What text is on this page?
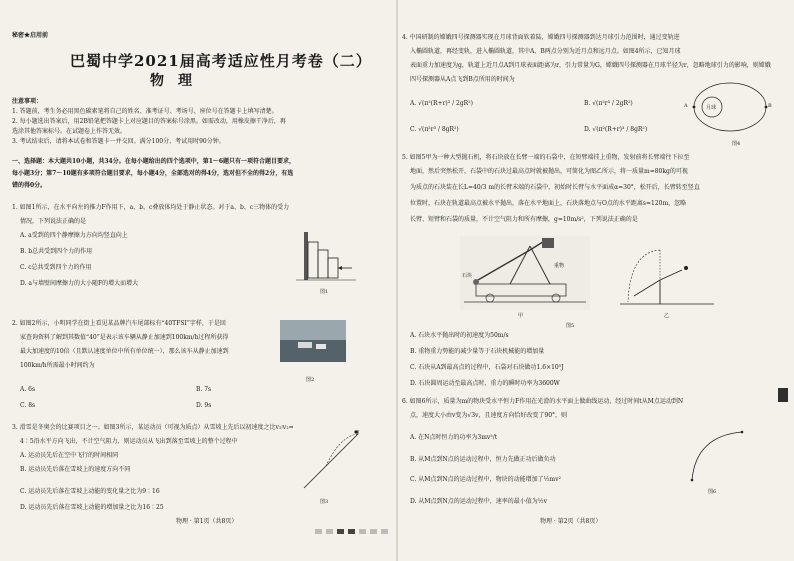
秘密★启用前
巴蜀中学2021届高考适应性月考卷（二）
物理
注意事项：
1. 答题前，考生务必用黑色碳素笔将自己的姓名、准考证号、考场号、座位号在答题卡上填写清楚。
2. 每小题选出答案后，用2B铅笔把答题卡上对应题目的答案标号涂黑。如需改动，用橡皮擦干净后，再
选涂其他答案标号。在试题卷上作答无效。
3. 考试结束后，请将本试卷和答题卡一并交回。满分100分，考试用时90分钟。
一、选择题：本大题共10小题，共34分。在每小题给出的四个选项中，第1～6题只有一项符合题目要求，
每小题3分；第7～10题有多项符合题目要求，每小题4分，全部选对的得4分，选对但不全的得2分，有选
错的得0分。
1. 如图1所示，在水平向左的推力F作用下，a、b、c叠放体均处于静止状态。对于a、b、c三物体的受力
情况，下列说法正确的是
A. a受到的四个静摩擦力方向均竖直向上
B. b总共受到四个力的作用
C. c总共受到四个力的作用
D. a与墙壁间摩擦力的大小随F的增大而增大
图1
2. 如图2所示，小明同学在街上看见某品牌汽车尾部标有“40TFSI”字样，于是回
家查询资料了解到其数值“40”是表示该车辆从静止加速到100km/h过程所获得
最大加速度的10倍（且默认速度单位中所有单位统一），那么该车从静止加速到
100km/h所需最小时间约为
A. 6s	B. 7s
C. 8s	D. 9s
图2
3. 滑雪是冬奥会的比赛项目之一。如图3所示，某运动员（可视为质点）从雪坡上先后以初速度之比v₁∶v₂=
4∶5沿水平方向飞出，不计空气阻力，则运动员从飞出到落至雪坡上的整个过程中
A. 运动员先后在空中飞行的时间相同
B. 运动员先后落在雪坡上的速度方向不同
C. 运动员先后落在雪坡上动能的变化量之比为9∶16
D. 运动员先后落在雪坡上动能的增加量之比为16∶25
图3
物理 · 第1页（共8页）
4. 中国研制的嫦娥四号探测器实现在月球背面软着陆，嫦娥四号探测器到达月球引力范围时，通过变轨进
入椭圆轨道，再经变轨，进入椭圆轨道，其中A、B两点分别为近月点和远月点。如图4所示，已知月球
表面重力加速度为g，轨道上近月点A到月球表面距离为r，引力常量为G，嫦娥四号探测器在月球半径为r，忽略地球引力的影响，则嫦娥
四号探测器从A点飞到B点所用的时间为
A. √(π²(R+r)³ / 2gR²)	B. √(π²r³ / 2gR²)
C. √(π²r³ / 8gR²)	D. √(π²(R+r)³ / 8gR²)
月球
A	B
图4
5. 如图5甲为一种大型抛石机，将石块放在长臂一端的石袋中，在短臂端挂上重物，发射前将长臂端往下拉至
地面，然后突然松开，石袋中的石块过最高点时就被抛出，可简化为图乙所示，将一质量m=80kg的可视
为质点的石块装在长L=40/3 m的长臂末端的石袋中，初始时长臂与水平面成α=30°，松开后，长臂转至竖直
位置时，石块在轨道最高点被水平抛出，落在水平地面上，石块落地点与O点的水平距离s=120m，忽略
长臂、短臂和石袋的质量，不计空气阻力和所有摩擦，g=10m/s²，下列说法正确的是
石块
重物
甲	乙
图5
A. 石块水平抛出时的初速度为50m/s
B. 重物重力势能的减少量等于石块机械能的增加量
C. 石块从A到最高点的过程中，石袋对石块做功1.6×10⁵J
D. 石块圆周运动至最高点时，重力的瞬时功率为3600W
6. 如图6所示，质量为m的物块受水平恒力F作用在光滑的水平面上做曲线运动，经过时间t从M点运动到N
点，速度大小由v变为√3v，且速度方向恰好改变了90°，则
A. 在N点时恒力的功率为3mv²/t
B. 从M点到N点的运动过程中，恒力先做正功后做负功
C. 从M点到N点的运动过程中，物块的动能增加了½mv²
D. 从M点到N点的运动过程中，速率的最小值为½v
图6
物理 · 第2页（共8页）
